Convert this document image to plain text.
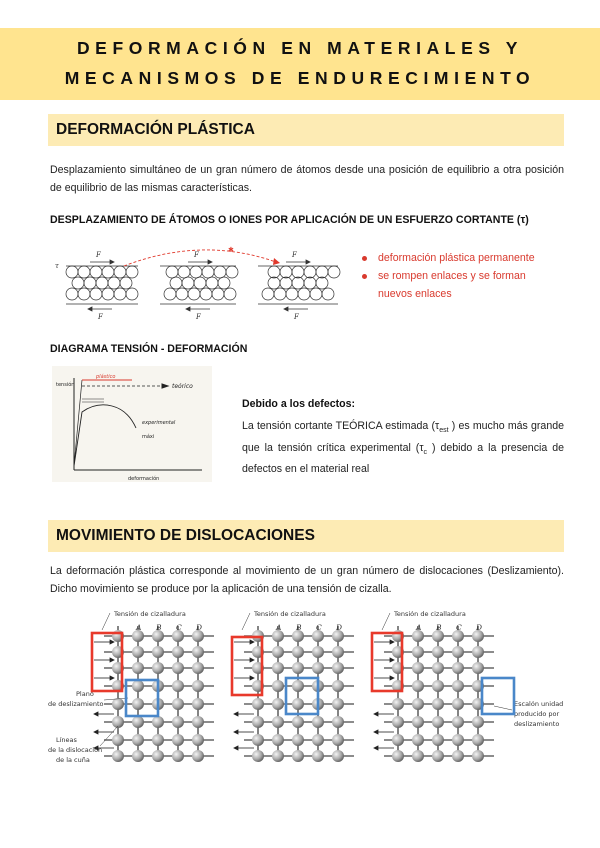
DEFORMACIÓN EN MATERIALES Y
MECANISMOS DE ENDURECIMIENTO
DEFORMACIÓN PLÁSTICA
Desplazamiento simultáneo de un gran número de átomos desde una posición de equilibrio a otra posición de equilibrio de las mismas características.
DESPLAZAMIENTO DE ÁTOMOS O IONES POR APLICACIÓN DE UN ESFUERZO CORTANTE (τ)
F
F
F
F
F
F
τ
✱
deformación plástica permanente
se rompen enlaces y se forman
nuevos enlaces
DIAGRAMA TENSIÓN - DEFORMACIÓN
tensión
deformación
experimental
máxi
teórico
plástico
Debido a los defectos:
La tensión cortante TEÓRICA estimada ($\tau_{est}$ ) es mucho más grande que la tensión crítica experimental ($\tau_c$ ) debido a la presencia de defectos en el material real
MOVIMIENTO DE DISLOCACIONES
La deformación plástica corresponde al movimiento de un gran número de dislocaciones (Deslizamiento). Dicho movimiento se produce por la aplicación de una tensión de cizalla.
Tensión de cizalladura	Tensión de cizalladura	Tensión de cizalladura
Plano
de deslizamiento
Líneas
de la dislocación
de la cuña
Escalón unidad
producido por
deslizamiento
A B C D	A B C D	A B C D
